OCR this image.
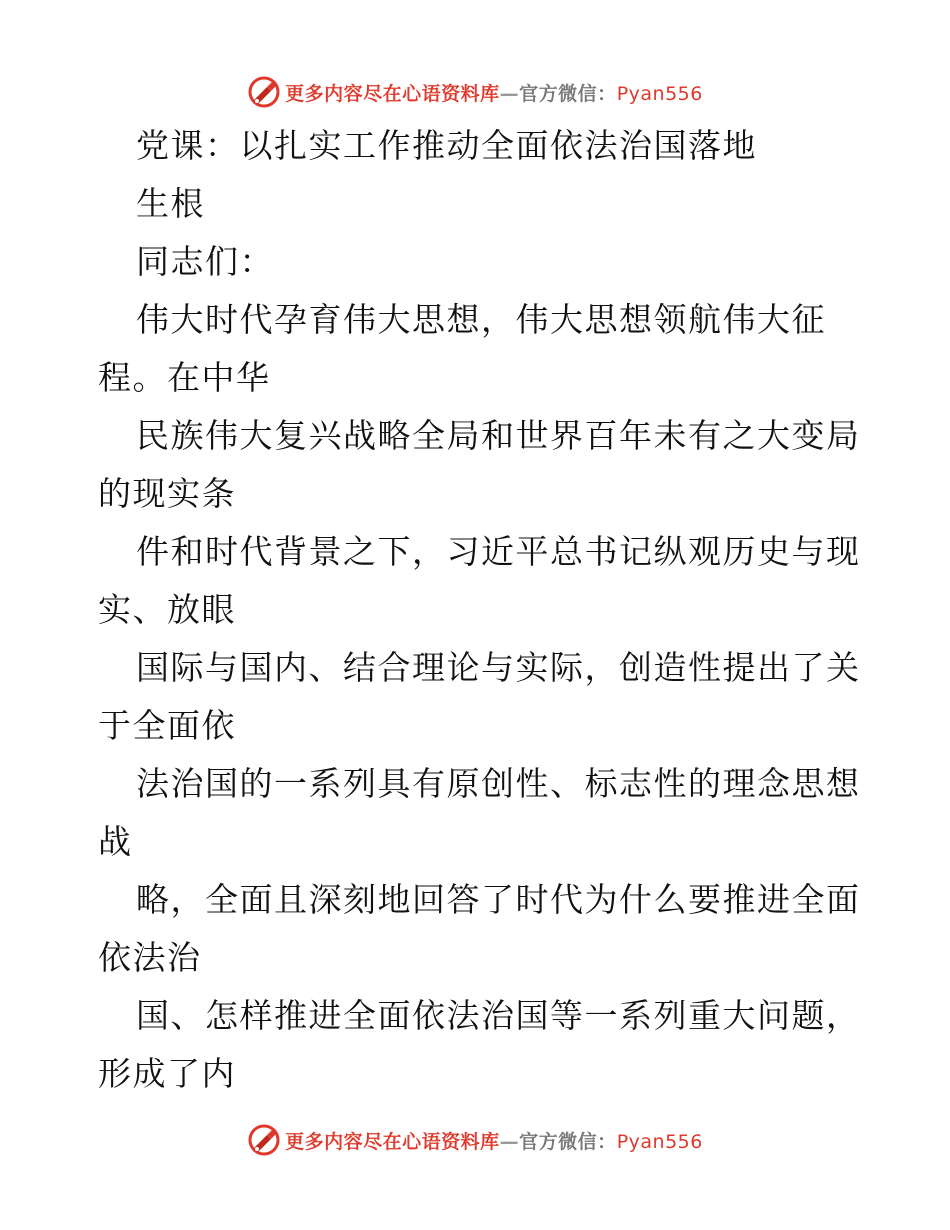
更多内容尽在心语资料库—官方微信：Pyan556
党课：以扎实工作推动全面依法治国落地
生根
同志们：
伟大时代孕育伟大思想，伟大思想领航伟大征
程。在中华
民族伟大复兴战略全局和世界百年未有之大变局
的现实条
件和时代背景之下，习近平总书记纵观历史与现
实、放眼
国际与国内、结合理论与实际，创造性提出了关
于全面依
法治国的一系列具有原创性、标志性的理念思想
战
略，全面且深刻地回答了时代为什么要推进全面
依法治
国、怎样推进全面依法治国等一系列重大问题，
形成了内
更多内容尽在心语资料库—官方微信：Pyan556
